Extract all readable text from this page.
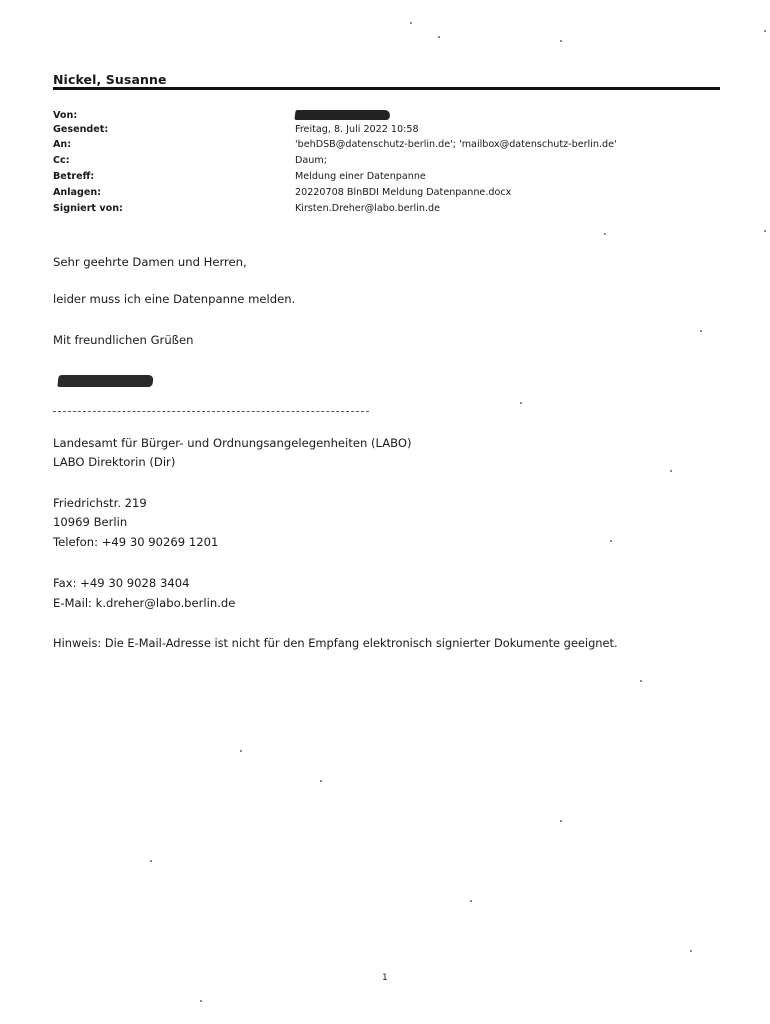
Nickel, Susanne
Von:
Gesendet:	Freitag, 8. Juli 2022 10:58
An:	'behDSB@datenschutz-berlin.de'; 'mailbox@datenschutz-berlin.de'
Cc:	Daum;
Betreff:	Meldung einer Datenpanne
Anlagen:	20220708 BlnBDI Meldung Datenpanne.docx
Signiert von:	Kirsten.Dreher@labo.berlin.de
Sehr geehrte Damen und Herren,
leider muss ich eine Datenpanne melden.
Mit freundlichen Grüßen
Landesamt für Bürger- und Ordnungsangelegenheiten (LABO)
LABO Direktorin (Dir)
Friedrichstr. 219
10969 Berlin
Telefon: +49 30 90269 1201
Fax: +49 30 9028 3404
E-Mail: k.dreher@labo.berlin.de
Hinweis: Die E-Mail-Adresse ist nicht für den Empfang elektronisch signierter Dokumente geeignet.
1
